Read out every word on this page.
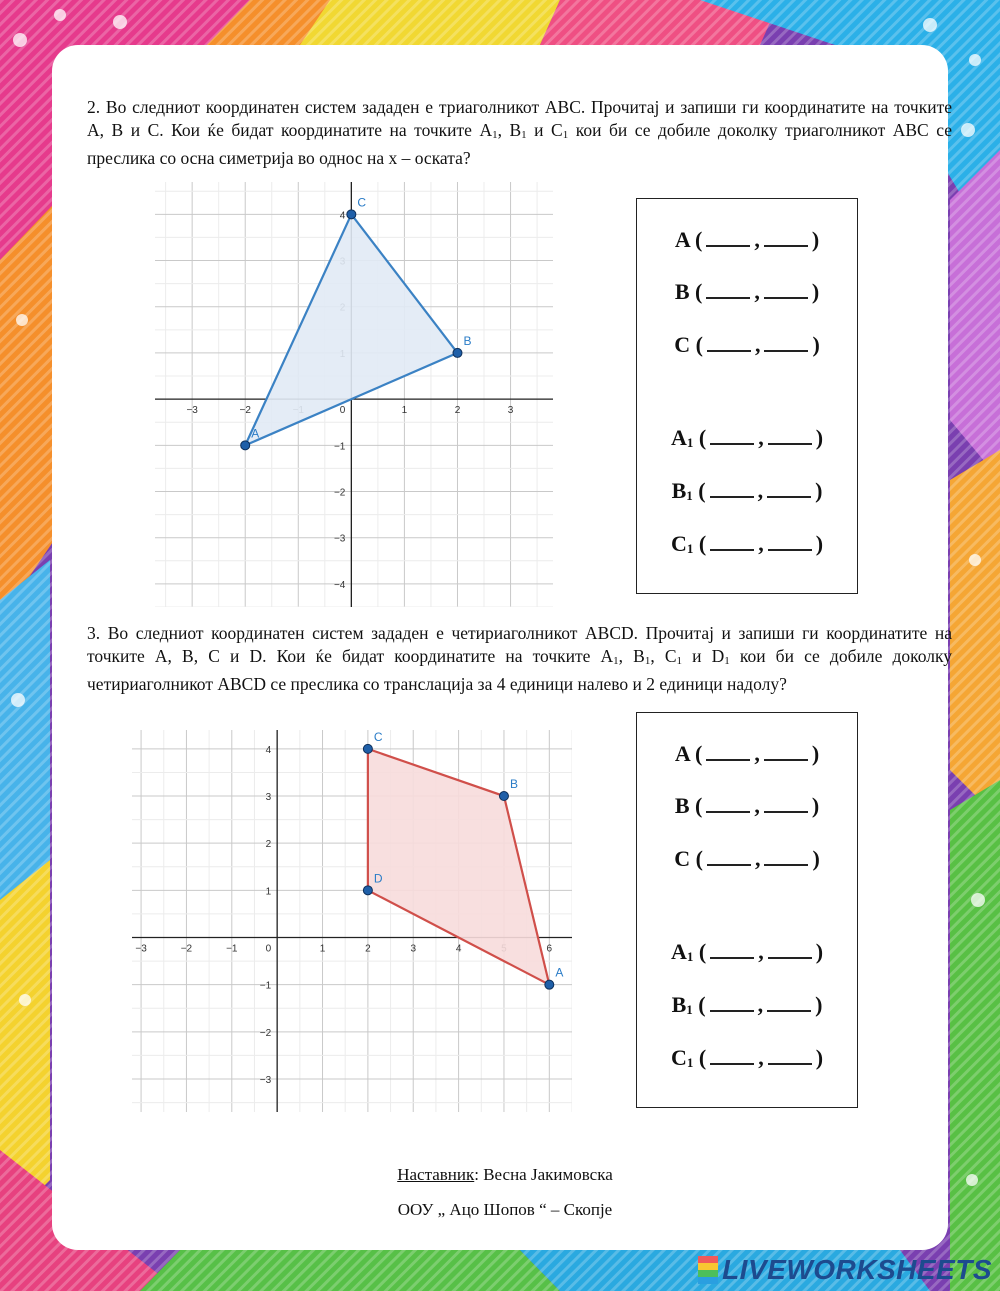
2. Во следниот координатен систем зададен е триаголникот АВС. Прочитај и запиши ги координатите на точките А, В и С. Кои ќе бидат координатите на точките $А_1$, $В_1$ и $С_1$ кои би се добиле доколку триаголникот АВС се преслика со осна симетрија во однос на x – оската?
−3	−2	1	2	3
−4
−3
−2
−1
4
0
A
B
C
A ( , )
B ( , )
C ( , )
$A_1$ ( , )
$B_1$ ( , )
$C_1$ ( , )
3. Во следниот координатен систем зададен е четириаголникот АВСD. Прочитај и запиши ги координатите на точките А, В, С и D. Кои ќе бидат координатите на точките $А_1$, $В_1$, $С_1$ и $D_1$ кои би се добиле доколку четириаголникот АВСD се преслика со транслација за 4 единици налево и 2 единици надолу?
−3	−2	−1	1	2	3	4	6
−3
−2
−1
1
2
3
4
0
A
B
C
D
A ( , )
B ( , )
C ( , )
$A_1$ ( , )
$B_1$ ( , )
$C_1$ ( , )
Наставник: Весна Јакимовска
ООУ „ Ацо Шопов “ – Скопје
LIVEWORKSHEETS
